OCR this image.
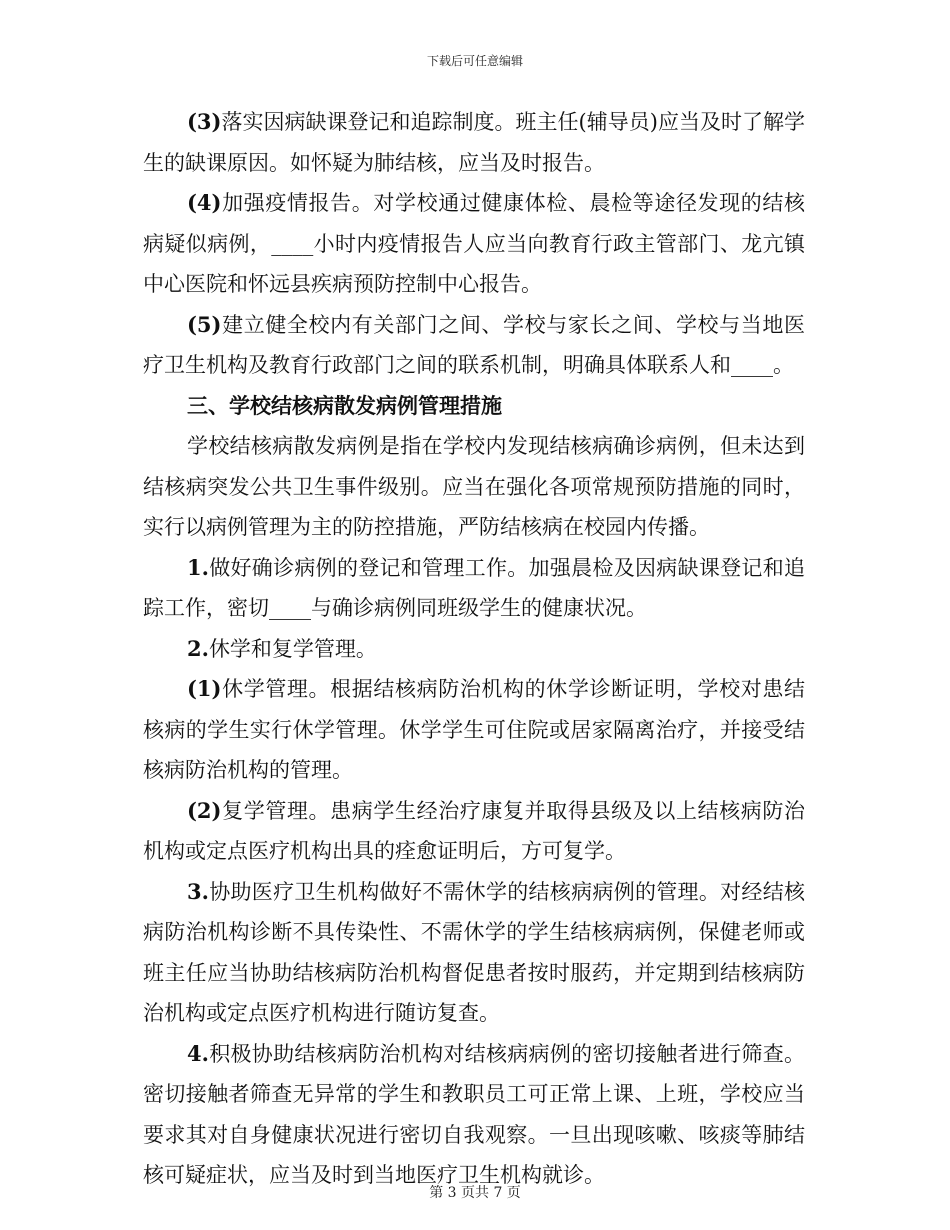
下载后可任意编辑

(3)落实因病缺课登记和追踪制度。班主任(辅导员)应当及时了解学生的缺课原因。如怀疑为肺结核，应当及时报告。

(4)加强疫情报告。对学校通过健康体检、晨检等途径发现的结核病疑似病例，____小时内疫情报告人应当向教育行政主管部门、龙亢镇中心医院和怀远县疾病预防控制中心报告。

(5)建立健全校内有关部门之间、学校与家长之间、学校与当地医疗卫生机构及教育行政部门之间的联系机制，明确具体联系人和____。

三、学校结核病散发病例管理措施

学校结核病散发病例是指在学校内发现结核病确诊病例，但未达到结核病突发公共卫生事件级别。应当在强化各项常规预防措施的同时，实行以病例管理为主的防控措施，严防结核病在校园内传播。

1.做好确诊病例的登记和管理工作。加强晨检及因病缺课登记和追踪工作，密切____与确诊病例同班级学生的健康状况。

2.休学和复学管理。

(1)休学管理。根据结核病防治机构的休学诊断证明，学校对患结核病的学生实行休学管理。休学学生可住院或居家隔离治疗，并接受结核病防治机构的管理。

(2)复学管理。患病学生经治疗康复并取得县级及以上结核病防治机构或定点医疗机构出具的痊愈证明后，方可复学。

3.协助医疗卫生机构做好不需休学的结核病病例的管理。对经结核病防治机构诊断不具传染性、不需休学的学生结核病病例，保健老师或班主任应当协助结核病防治机构督促患者按时服药，并定期到结核病防治机构或定点医疗机构进行随访复查。

4.积极协助结核病防治机构对结核病病例的密切接触者进行筛查。密切接触者筛查无异常的学生和教职员工可正常上课、上班，学校应当要求其对自身健康状况进行密切自我观察。一旦出现咳嗽、咳痰等肺结核可疑症状，应当及时到当地医疗卫生机构就诊。

第 3 页共 7 页
